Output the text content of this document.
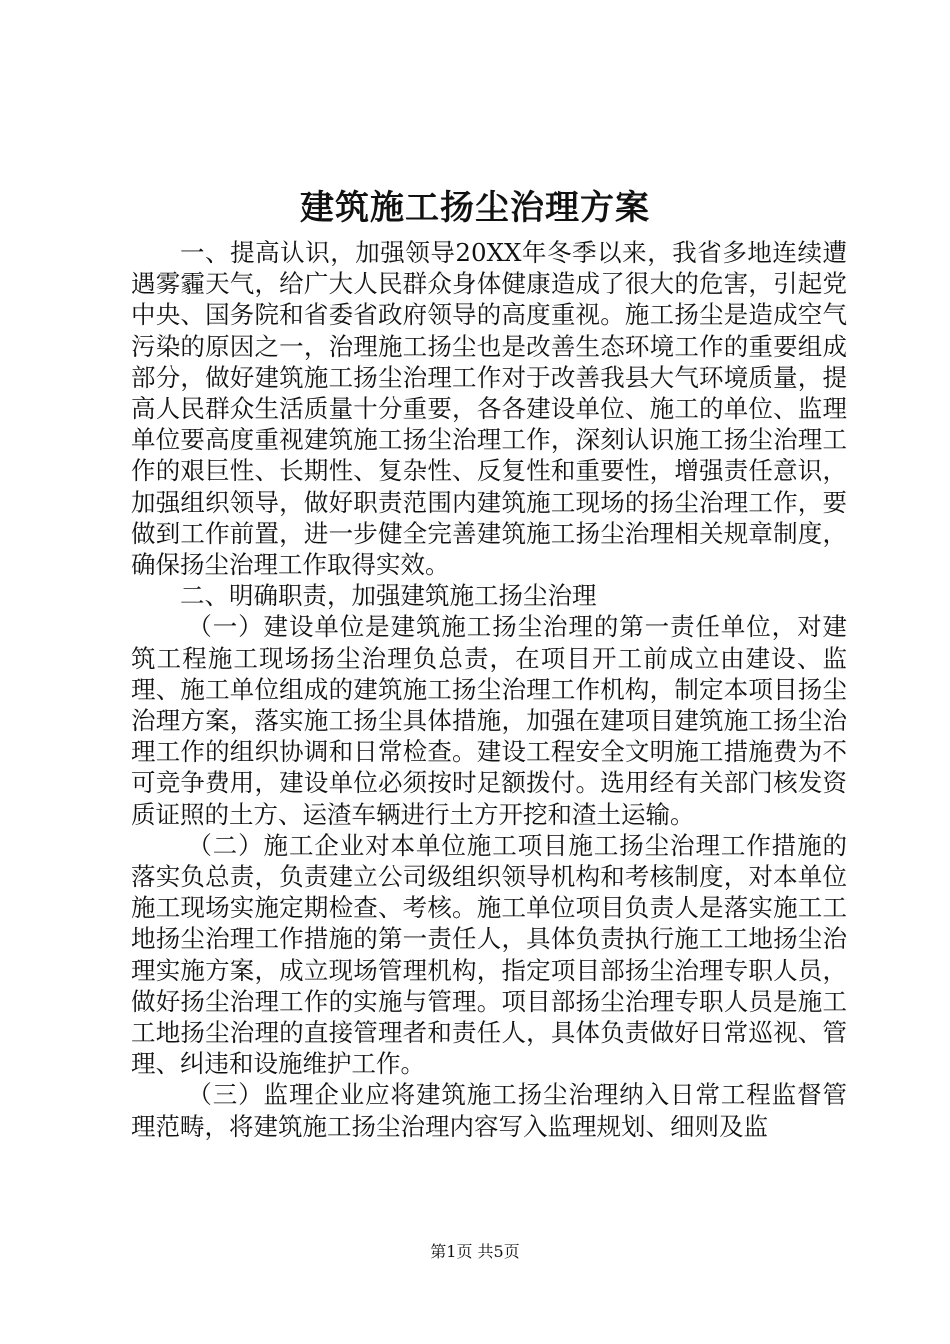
建筑施工扬尘治理方案

一、提高认识，加强领导20XX年冬季以来，我省多地连续遭遇雾霾天气，给广大人民群众身体健康造成了很大的危害，引起党中央、国务院和省委省政府领导的高度重视。施工扬尘是造成空气污染的原因之一，治理施工扬尘也是改善生态环境工作的重要组成部分，做好建筑施工扬尘治理工作对于改善我县大气环境质量，提高人民群众生活质量十分重要，各各建设单位、施工的单位、监理单位要高度重视建筑施工扬尘治理工作，深刻认识施工扬尘治理工作的艰巨性、长期性、复杂性、反复性和重要性，增强责任意识，加强组织领导，做好职责范围内建筑施工现场的扬尘治理工作，要做到工作前置，进一步健全完善建筑施工扬尘治理相关规章制度，确保扬尘治理工作取得实效。

二、明确职责，加强建筑施工扬尘治理

（一）建设单位是建筑施工扬尘治理的第一责任单位，对建筑工程施工现场扬尘治理负总责，在项目开工前成立由建设、监理、施工单位组成的建筑施工扬尘治理工作机构，制定本项目扬尘治理方案，落实施工扬尘具体措施，加强在建项目建筑施工扬尘治理工作的组织协调和日常检查。建设工程安全文明施工措施费为不可竞争费用，建设单位必须按时足额拨付。选用经有关部门核发资质证照的土方、运渣车辆进行土方开挖和渣土运输。

（二）施工企业对本单位施工项目施工扬尘治理工作措施的落实负总责，负责建立公司级组织领导机构和考核制度，对本单位施工现场实施定期检查、考核。施工单位项目负责人是落实施工工地扬尘治理工作措施的第一责任人，具体负责执行施工工地扬尘治理实施方案，成立现场管理机构，指定项目部扬尘治理专职人员，做好扬尘治理工作的实施与管理。项目部扬尘治理专职人员是施工工地扬尘治理的直接管理者和责任人，具体负责做好日常巡视、管理、纠违和设施维护工作。

（三）监理企业应将建筑施工扬尘治理纳入日常工程监督管理范畴，将建筑施工扬尘治理内容写入监理规划、细则及监

第1页 共5页
